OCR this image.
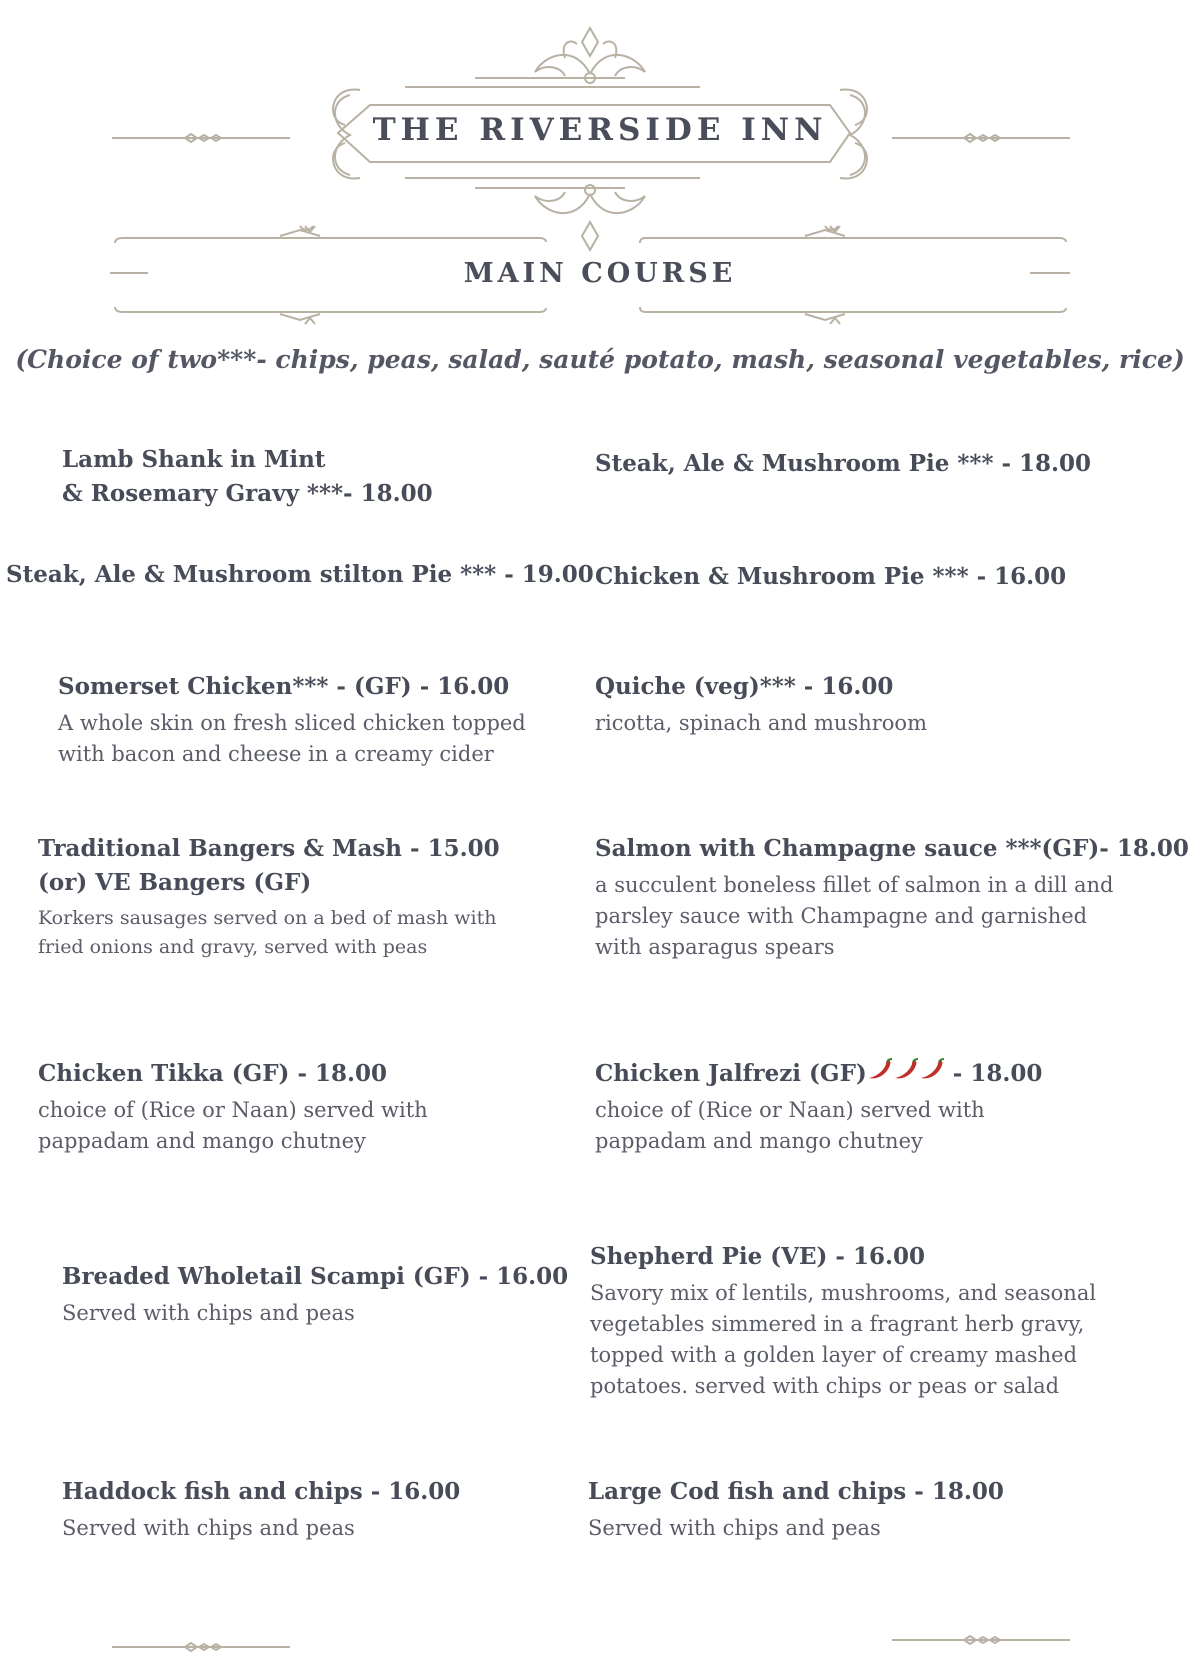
THE RIVERSIDE INN
MAIN COURSE

(Choice of two***- chips, peas, salad, sauté potato, mash, seasonal vegetables, rice)

Lamb Shank in Mint
& Rosemary Gravy ***- 18.00
Steak, Ale & Mushroom Pie *** - 18.00
Steak, Ale & Mushroom stilton Pie *** - 19.00 Chicken & Mushroom Pie *** - 16.00
Somerset Chicken*** - (GF) - 16.00
A whole skin on fresh sliced chicken topped with bacon and cheese in a creamy cider
Quiche (veg)*** - 16.00
ricotta, spinach and mushroom
Traditional Bangers & Mash - 15.00
(or) VE Bangers (GF)
Korkers sausages served on a bed of mash with fried onions and gravy, served with peas
Salmon with Champagne sauce ***(GF)- 18.00
a succulent boneless fillet of salmon in a dill and parsley sauce with Champagne and garnished with asparagus spears
Chicken Tikka (GF) - 18.00
choice of (Rice or Naan) served with pappadam and mango chutney
Chicken Jalfrezi (GF)	- 18.00
choice of (Rice or Naan) served with pappadam and mango chutney
Breaded Wholetail Scampi (GF) - 16.00
Served with chips and peas
Shepherd Pie (VE) - 16.00
Savory mix of lentils, mushrooms, and seasonal vegetables simmered in a fragrant herb gravy, topped with a golden layer of creamy mashed potatoes. served with chips or peas or salad
Haddock fish and chips - 16.00
Served with chips and peas
Large Cod fish and chips - 18.00
Served with chips and peas
